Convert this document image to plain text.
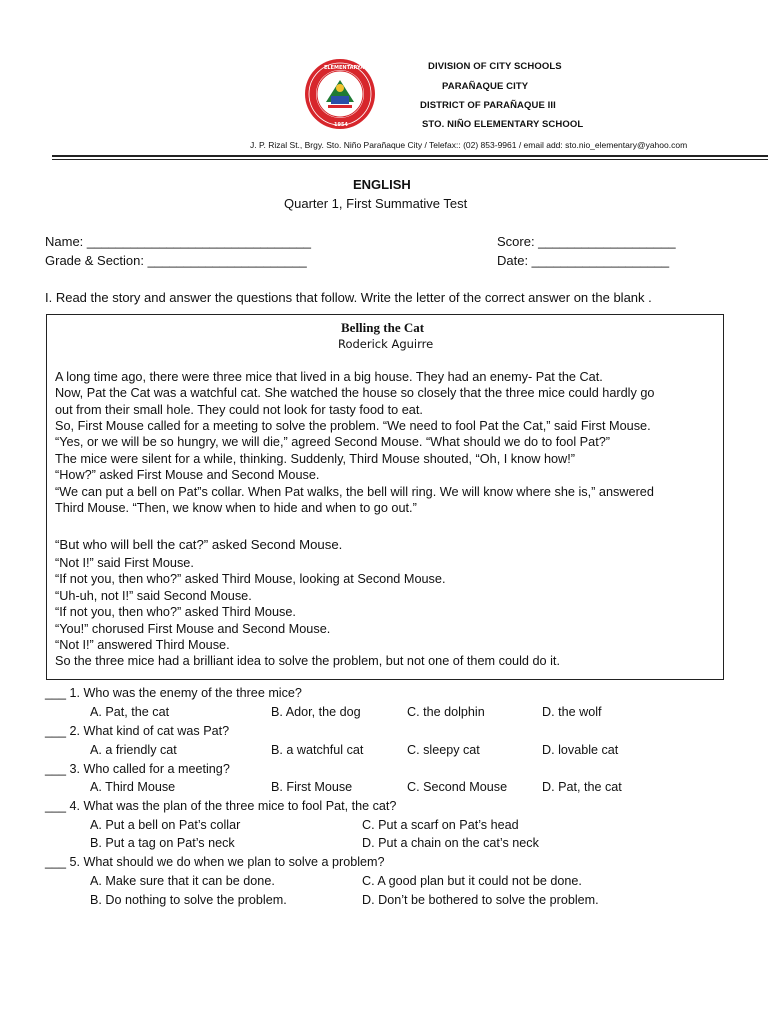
ELEMENTARYA
1954
DIVISION OF CITY SCHOOLS
PARAÑAQUE CITY
DISTRICT OF PARAÑAQUE III
STO. NIÑO ELEMENTARY SCHOOL
J. P. Rizal St., Brgy. Sto. Niño Parañaque City / Telefax:: (02) 853-9961 / email add: sto.nio_elementary@yahoo.com
ENGLISH
Quarter 1, First Summative Test
Name: _______________________________
Grade & Section: ______________________
Score: ___________________
Date: ___________________
I. Read the story and answer the questions that follow. Write the letter of the correct answer on the blank .
Belling the Cat
Roderick Aguirre
A long time ago, there were three mice that lived in a big house. They had an enemy- Pat the Cat.
Now, Pat the Cat was a watchful cat. She watched the house so closely that the three mice could hardly go
out from their small hole. They could not look for tasty food to eat.
So, First Mouse called for a meeting to solve the problem. “We need to fool Pat the Cat,” said First Mouse.
“Yes, or we will be so hungry, we will die,” agreed Second Mouse. “What should we do to fool Pat?”
The mice were silent for a while, thinking. Suddenly, Third Mouse shouted, “Oh, I know how!”
“How?” asked First Mouse and Second Mouse.
“We can put a bell on Pat”s collar. When Pat walks, the bell will ring. We will know where she is,” answered
Third Mouse. “Then, we know when to hide and when to go out.”
“But who will bell the cat?” asked Second Mouse.
“Not I!” said First Mouse.
“If not you, then who?” asked Third Mouse, looking at Second Mouse.
“Uh-uh, not I!” said Second Mouse.
“If not you, then who?” asked Third Mouse.
“You!” chorused First Mouse and Second Mouse.
“Not I!” answered Third Mouse.
So the three mice had a brilliant idea to solve the problem, but not one of them could do it.
___ 1. Who was the enemy of the three mice?
A. Pat, the cat	B. Ador, the dog	C. the dolphin	D. the wolf
___ 2. What kind of cat was Pat?
A. a friendly cat	B. a watchful cat	C. sleepy cat	D. lovable cat
___ 3. Who called for a meeting?
A. Third Mouse	B. First Mouse	C. Second Mouse	D. Pat, the cat
___ 4. What was the plan of the three mice to fool Pat, the cat?
A. Put a bell on Pat’s collar	C. Put a scarf on Pat’s head
B. Put a tag on Pat’s neck	D. Put a chain on the cat’s neck
___ 5. What should we do when we plan to solve a problem?
A. Make sure that it can be done.	C. A good plan but it could not be done.
B. Do nothing to solve the problem.	D. Don’t be bothered to solve the problem.
